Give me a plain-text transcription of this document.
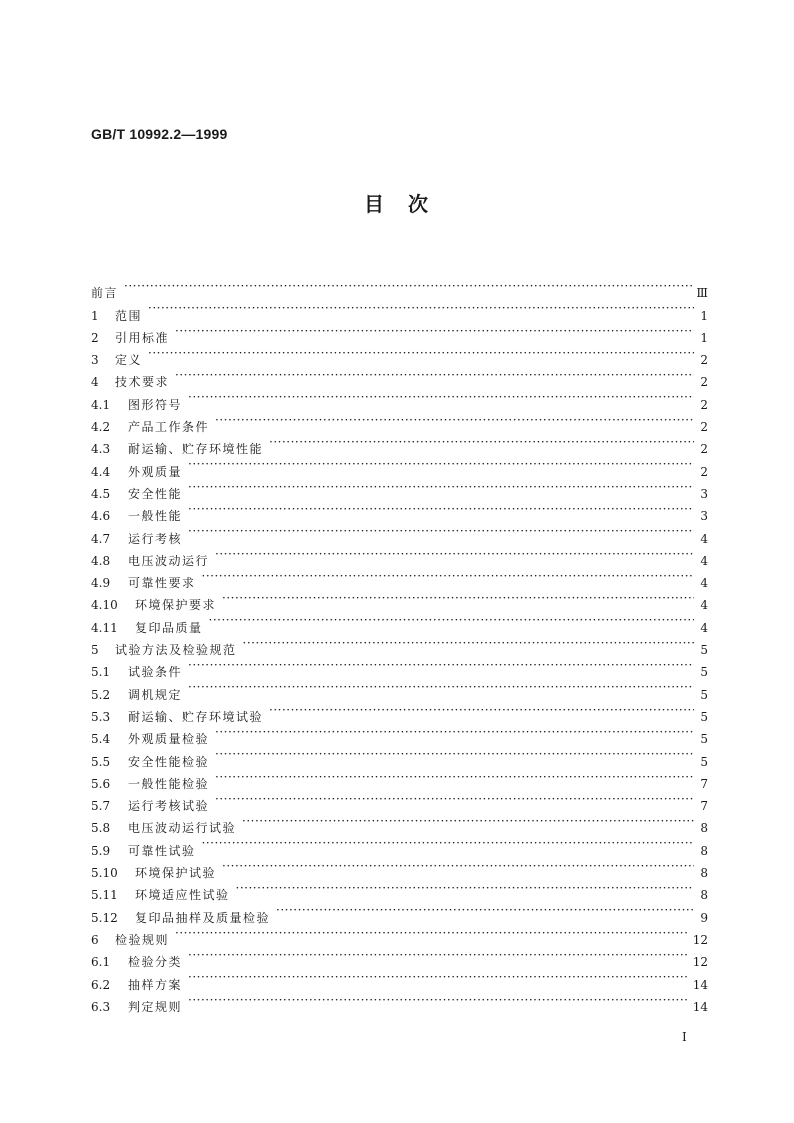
GB/T 10992.2—1999
目　次
前言 ·····	Ⅲ
1	范围 ·····	1
2	引用标准 ·····	1
3	定义 ·····	2
4	技术要求 ·····	2
4.1	图形符号 ·····	2
4.2	产品工作条件 ·····	2
4.3	耐运输、贮存环境性能 ·····	2
4.4	外观质量 ·····	2
4.5	安全性能 ·····	3
4.6	一般性能 ·····	3
4.7	运行考核 ·····	4
4.8	电压波动运行 ·····	4
4.9	可靠性要求 ·····	4
4.10	环境保护要求 ·····	4
4.11	复印品质量 ·····	4
5	试验方法及检验规范 ·····	5
5.1	试验条件 ·····	5
5.2	调机规定 ·····	5
5.3	耐运输、贮存环境试验 ·····	5
5.4	外观质量检验 ·····	5
5.5	安全性能检验 ·····	5
5.6	一般性能检验 ·····	7
5.7	运行考核试验 ·····	7
5.8	电压波动运行试验 ·····	8
5.9	可靠性试验 ·····	8
5.10	环境保护试验 ·····	8
5.11	环境适应性试验 ·····	8
5.12	复印品抽样及质量检验 ·····	9
6	检验规则 ·····	12
6.1	检验分类 ·····	12
6.2	抽样方案 ·····	14
6.3	判定规则 ·····	14
I
